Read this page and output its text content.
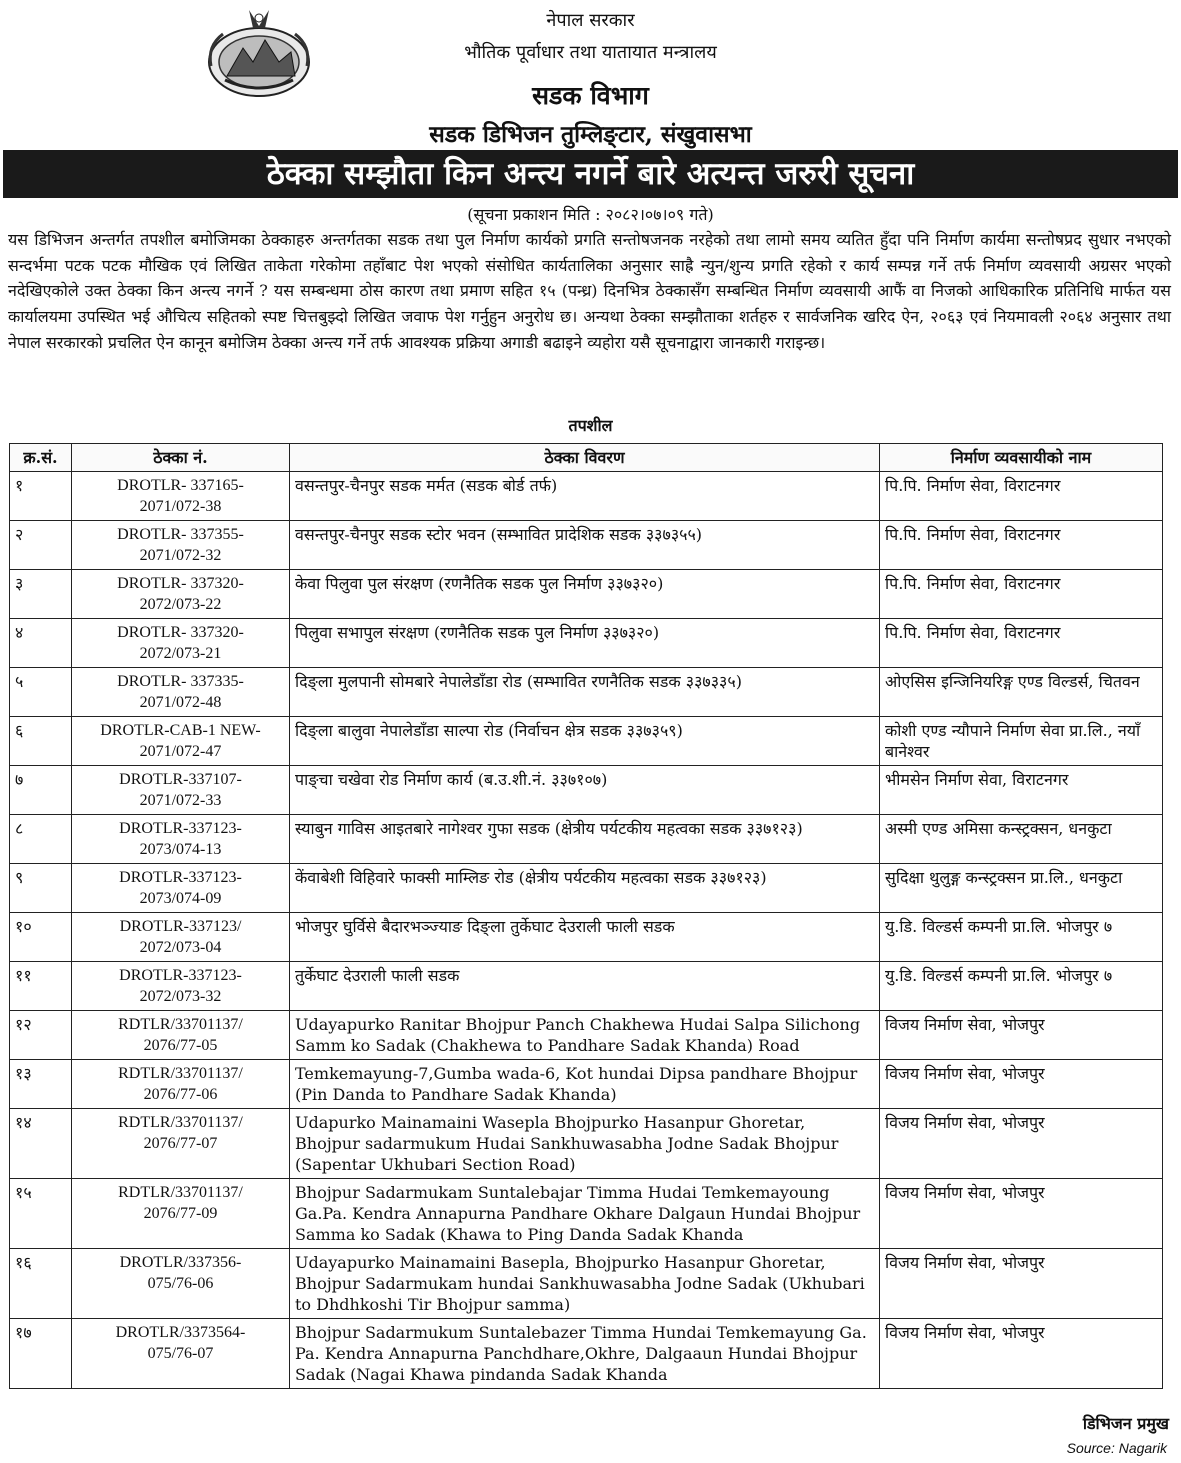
नेपाल सरकार
भौतिक पूर्वाधार तथा यातायात मन्त्रालय
सडक विभाग
सडक डिभिजन तुम्लिङ्टार, संखुवासभा
ठेक्का सम्झौता किन अन्त्य नगर्ने बारे अत्यन्त जरुरी सूचना
(सूचना प्रकाशन मिति : २०८२।०७।०९ गते)
यस डिभिजन अन्तर्गत तपशील बमोजिमका ठेक्काहरु अन्तर्गतका सडक तथा पुल निर्माण कार्यको प्रगति सन्तोषजनक नरहेको तथा लामो समय व्यतित हुँदा पनि निर्माण कार्यमा सन्तोषप्रद सुधार नभएको सन्दर्भमा पटक पटक मौखिक एवं लिखित ताकेता गरेकोमा तहाँबाट पेश भएको संसोधित कार्यतालिका अनुसार साह्रै न्युन/शुन्य प्रगति रहेको र कार्य सम्पन्न गर्ने तर्फ निर्माण व्यवसायी अग्रसर भएको नदेखिएकोले उक्त ठेक्का किन अन्त्य नगर्ने ? यस सम्बन्धमा ठोस कारण तथा प्रमाण सहित १५ (पन्ध्र) दिनभित्र ठेक्कासँग सम्बन्धित निर्माण व्यवसायी आफैं वा निजको आधिकारिक प्रतिनिधि मार्फत यस कार्यालयमा उपस्थित भई औचित्य सहितको स्पष्ट चित्तबुझ्दो लिखित जवाफ पेश गर्नुहुन अनुरोध छ। अन्यथा ठेक्का सम्झौताका शर्तहरु र सार्वजनिक खरिद ऐन, २०६३ एवं नियमावली २०६४ अनुसार तथा नेपाल सरकारको प्रचलित ऐन कानून बमोजिम ठेक्का अन्त्य गर्ने तर्फ आवश्यक प्रक्रिया अगाडी बढाइने व्यहोरा यसै सूचनाद्वारा जानकारी गराइन्छ।
तपशील
क्र.सं.	ठेक्का नं.	ठेक्का विवरण	निर्माण व्यवसायीको नाम
१	DROTLR- 337165-
2071/072-38	वसन्तपुर-चैनपुर सडक मर्मत (सडक बोर्ड तर्फ)	पि.पि. निर्माण सेवा, विराटनगर
२	DROTLR- 337355-
2071/072-32	वसन्तपुर-चैनपुर सडक स्टोर भवन (सम्भावित प्रादेशिक सडक ३३७३५५)	पि.पि. निर्माण सेवा, विराटनगर
३	DROTLR- 337320-
2072/073-22	केवा पिलुवा पुल संरक्षण (रणनैतिक सडक पुल निर्माण ३३७३२०)	पि.पि. निर्माण सेवा, विराटनगर
४	DROTLR- 337320-
2072/073-21	पिलुवा सभापुल संरक्षण (रणनैतिक सडक पुल निर्माण ३३७३२०)	पि.पि. निर्माण सेवा, विराटनगर
५	DROTLR- 337335-
2071/072-48	दिङ्ला मुलपानी सोमबारे नेपालेडाँडा रोड (सम्भावित रणनैतिक सडक ३३७३३५)	ओएसिस इन्जिनियरिङ्ग एण्ड विल्डर्स, चितवन
६	DROTLR-CAB-1 NEW-
2071/072-47	दिङ्ला बालुवा नेपालेडाँडा साल्पा रोड (निर्वाचन क्षेत्र सडक ३३७३५९)	कोशी एण्ड न्यौपाने निर्माण सेवा प्रा.लि., नयाँ बानेश्वर
७	DROTLR-337107-
2071/072-33	पाङ्चा चखेवा रोड निर्माण कार्य (ब.उ.शी.नं. ३३७१०७)	भीमसेन निर्माण सेवा, विराटनगर
८	DROTLR-337123-
2073/074-13	स्याबुन गाविस आइतबारे नागेश्वर गुफा सडक (क्षेत्रीय पर्यटकीय महत्वका सडक ३३७१२३)	अस्मी एण्ड अमिसा कन्स्ट्रक्सन, धनकुटा
९	DROTLR-337123-
2073/074-09	केंवाबेशी विहिवारे फाक्सी माम्लिङ रोड (क्षेत्रीय पर्यटकीय महत्वका सडक ३३७१२३)	सुदिक्षा थुलुङ्ग कन्स्ट्रक्सन प्रा.लि., धनकुटा
१०	DROTLR-337123/
2072/073-04	भोजपुर घुर्विसे बैदारभञ्ज्याङ दिङ्ला तुर्केघाट देउराली फाली सडक	यु.डि. विल्डर्स कम्पनी प्रा.लि. भोजपुर ७
११	DROTLR-337123-
2072/073-32	तुर्केघाट देउराली फाली सडक	यु.डि. विल्डर्स कम्पनी प्रा.लि. भोजपुर ७
१२	RDTLR/33701137/
2076/77-05	Udayapurko Ranitar Bhojpur Panch Chakhewa Hudai Salpa Silichong Samm ko Sadak (Chakhewa to Pandhare Sadak Khanda) Road	विजय निर्माण सेवा, भोजपुर
१३	RDTLR/33701137/
2076/77-06	Temkemayung-7,Gumba wada-6, Kot hundai Dipsa pandhare Bhojpur (Pin Danda to Pandhare Sadak Khanda)	विजय निर्माण सेवा, भोजपुर
१४	RDTLR/33701137/
2076/77-07	Udapurko Mainamaini Wasepla Bhojpurko Hasanpur Ghoretar, Bhojpur sadarmukum Hudai Sankhuwasabha Jodne Sadak Bhojpur (Sapentar Ukhubari Section Road)	विजय निर्माण सेवा, भोजपुर
१५	RDTLR/33701137/
2076/77-09	Bhojpur Sadarmukam Suntalebajar Timma Hudai Temkemayoung Ga.Pa. Kendra Annapurna Pandhare Okhare Dalgaun Hundai Bhojpur Samma ko Sadak (Khawa to Ping Danda Sadak Khanda	विजय निर्माण सेवा, भोजपुर
१६	DROTLR/337356-
075/76-06	Udayapurko Mainamaini Basepla, Bhojpurko Hasanpur Ghoretar, Bhojpur Sadarmukam hundai Sankhuwasabha Jodne Sadak (Ukhubari to Dhdhkoshi Tir Bhojpur samma)	विजय निर्माण सेवा, भोजपुर
१७	DROTLR/3373564-
075/76-07	Bhojpur Sadarmukum Suntalebazer Timma Hundai Temkemayung Ga. Pa. Kendra Annapurna Panchdhare,Okhre, Dalgaaun Hundai Bhojpur Sadak (Nagai Khawa pindanda Sadak Khanda	विजय निर्माण सेवा, भोजपुर
डिभिजन प्रमुख
Source: Nagarik
